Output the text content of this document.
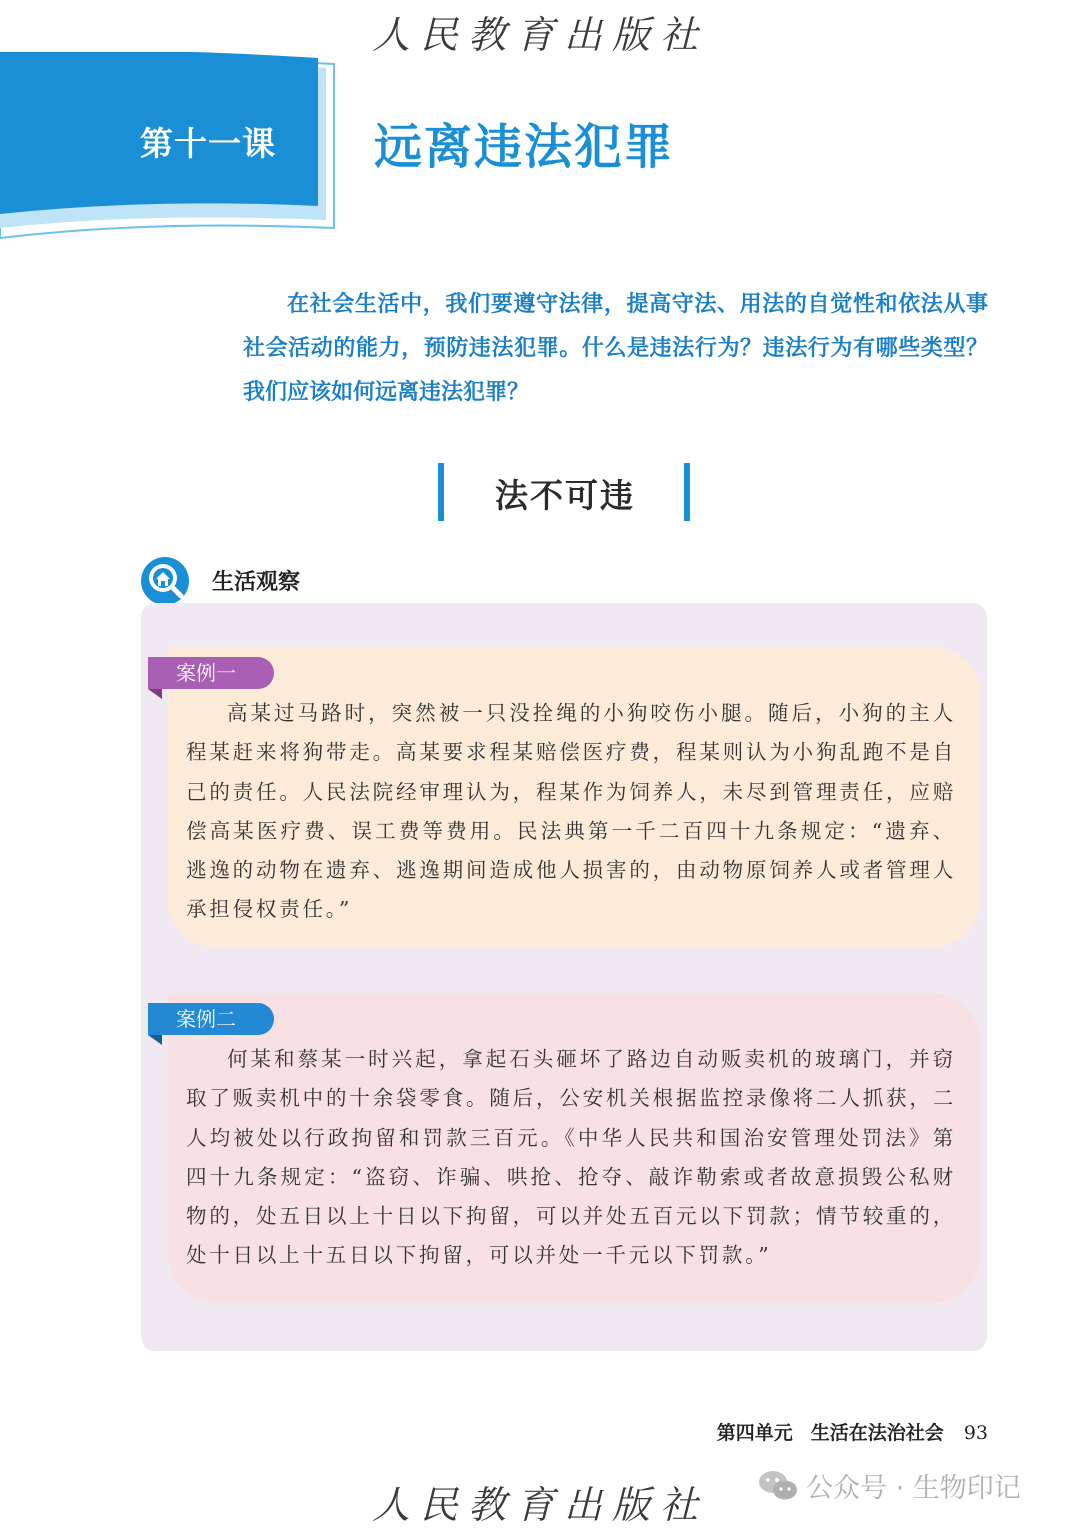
人民教育出版社
第十一课 远离违法犯罪
在社会生活中，我们要遵守法律，提高守法、用法的自觉性和依法从事社会活动的能力，预防违法犯罪。什么是违法行为？违法行为有哪些类型？我们应该如何远离违法犯罪？
法不可违
生活观察
案例一
高某过马路时，突然被一只没拴绳的小狗咬伤小腿。随后，小狗的主人程某赶来将狗带走。高某要求程某赔偿医疗费，程某则认为小狗乱跑不是自己的责任。人民法院经审理认为，程某作为饲养人，未尽到管理责任，应赔偿高某医疗费、误工费等费用。民法典第一千二百四十九条规定：“遗弃、逃逸的动物在遗弃、逃逸期间造成他人损害的，由动物原饲养人或者管理人承担侵权责任。”
案例二
何某和蔡某一时兴起，拿起石头砸坏了路边自动贩卖机的玻璃门，并窃取了贩卖机中的十余袋零食。随后，公安机关根据监控录像将二人抓获，二人均被处以行政拘留和罚款三百元。《中华人民共和国治安管理处罚法》第四十九条规定：“盗窃、诈骗、哄抢、抢夺、敲诈勒索或者故意损毁公私财物的，处五日以上十日以下拘留，可以并处五百元以下罚款；情节较重的，处十日以上十五日以下拘留，可以并处一千元以下罚款。”
第四单元 生活在法治社会 93
人民教育出版社	公众号 · 生物印记
